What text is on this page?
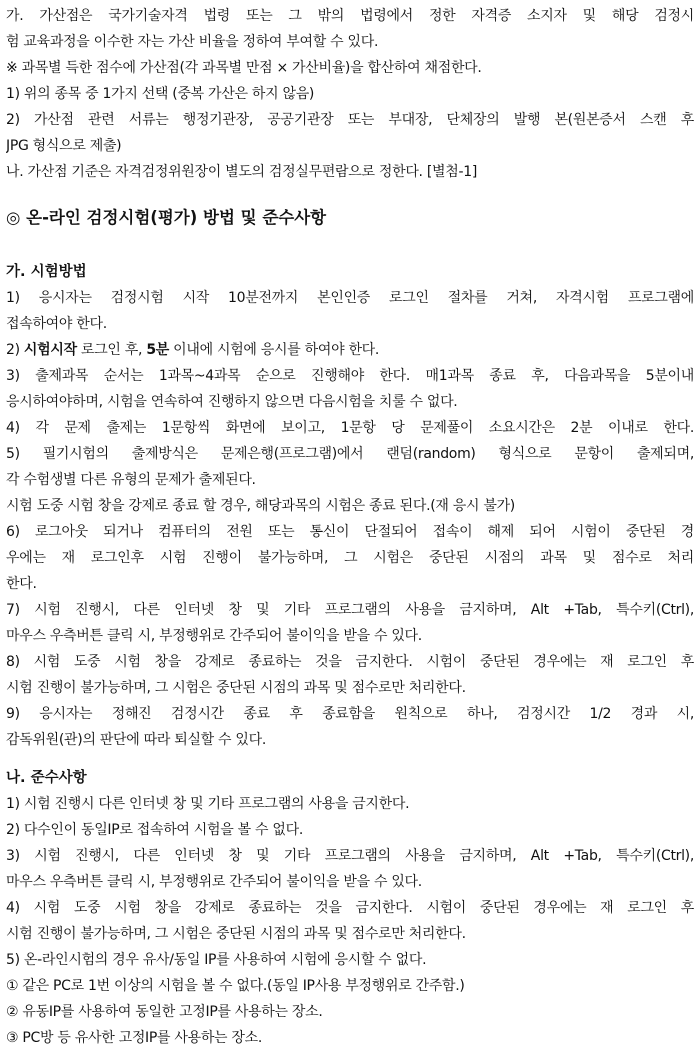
가. 가산점은 국가기술자격 법령 또는 그 밖의 법령에서 정한 자격증 소지자 및 해당 검정시
험 교육과정을 이수한 자는 가산 비율을 정하여 부여할 수 있다.
※ 과목별 득한 점수에 가산점(각 과목별 만점 × 가산비율)을 합산하여 채점한다.
1) 위의 종목 중 1가지 선택 (중복 가산은 하지 않음)
2) 가산점 관련 서류는 행정기관장, 공공기관장 또는 부대장, 단체장의 발행 본(원본증서 스캔 후
JPG 형식으로 제출)
나. 가산점 기준은 자격검정위원장이 별도의 검정실무편람으로 정한다. [별첨-1]
◎ 온-라인 검정시험(평가) 방법 및 준수사항
가. 시험방법
1) 응시자는 검정시험 시작 10분전까지 본인인증 로그인 절차를 거쳐, 자격시험 프로그램에
접속하여야 한다.
2) 시험시작 로그인 후, 5분 이내에 시험에 응시를 하여야 한다.
3) 출제과목 순서는 1과목~4과목 순으로 진행해야 한다. 매1과목 종료 후, 다음과목을 5분이내
응시하여야하며, 시험을 연속하여 진행하지 않으면 다음시험을 치룰 수 없다.
4) 각 문제 출제는 1문항씩 화면에 보이고, 1문항 당 문제풀이 소요시간은 2분 이내로 한다.
5) 필기시험의 출제방식은 문제은행(프로그램)에서 랜덤(random) 형식으로 문항이 출제되며,
각 수험생별 다른 유형의 문제가 출제된다.
시험 도중 시험 창을 강제로 종료 할 경우, 해당과목의 시험은 종료 된다.(재 응시 불가)
6) 로그아웃 되거나 컴퓨터의 전원 또는 통신이 단절되어 접속이 해제 되어 시험이 중단된 경
우에는 재 로그인후 시험 진행이 불가능하며, 그 시험은 중단된 시점의 과목 및 점수로 처리
한다.
7) 시험 진행시, 다른 인터넷 창 및 기타 프로그램의 사용을 금지하며, Alt +Tab, 특수키(Ctrl),
마우스 우측버튼 클릭 시, 부정행위로 간주되어 불이익을 받을 수 있다.
8) 시험 도중 시험 창을 강제로 종료하는 것을 금지한다. 시험이 중단된 경우에는 재 로그인 후
시험 진행이 불가능하며, 그 시험은 중단된 시점의 과목 및 점수로만 처리한다.
9) 응시자는 정해진 검정시간 종료 후 종료함을 원칙으로 하나, 검정시간 1/2 경과 시,
감독위원(관)의 판단에 따라 퇴실할 수 있다.
나. 준수사항
1) 시험 진행시 다른 인터넷 창 및 기타 프로그램의 사용을 금지한다.
2) 다수인이 동일IP로 접속하여 시험을 볼 수 없다.
3) 시험 진행시, 다른 인터넷 창 및 기타 프로그램의 사용을 금지하며, Alt +Tab, 특수키(Ctrl),
마우스 우측버튼 클릭 시, 부정행위로 간주되어 불이익을 받을 수 있다.
4) 시험 도중 시험 창을 강제로 종료하는 것을 금지한다. 시험이 중단된 경우에는 재 로그인 후
시험 진행이 불가능하며, 그 시험은 중단된 시점의 과목 및 점수로만 처리한다.
5) 온-라인시험의 경우 유사/동일 IP를 사용하여 시험에 응시할 수 없다.
① 같은 PC로 1번 이상의 시험을 볼 수 없다.(동일 IP사용 부정행위로 간주함.)
② 유동IP를 사용하여 동일한 고정IP를 사용하는 장소.
③ PC방 등 유사한 고정IP를 사용하는 장소.
